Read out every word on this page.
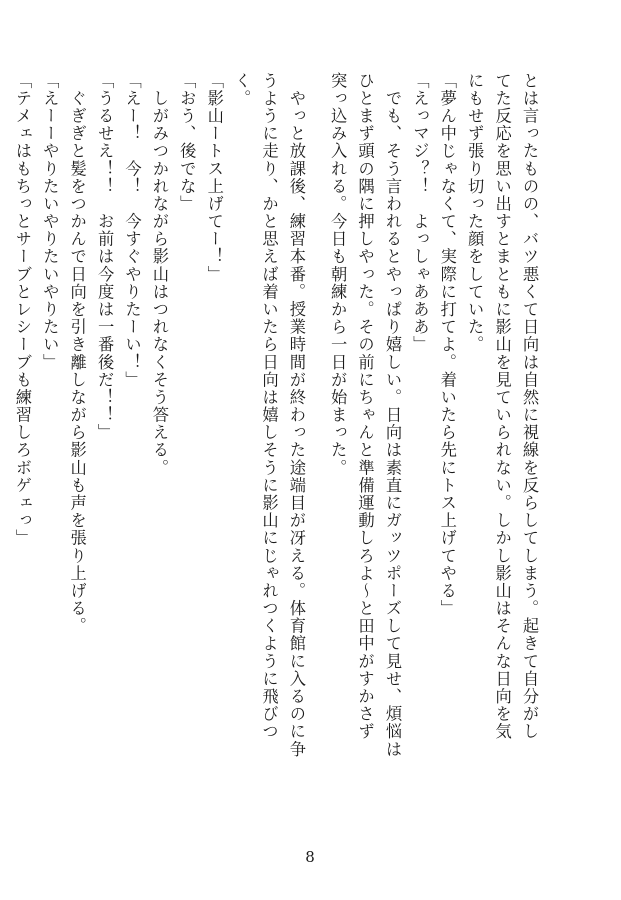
とは言ったものの、バツ悪くて日向は自然に視線を反らしてしまう。起きて自分がし
てた反応を思い出すとまともに影山を見ていられない。しかし影山はそんな日向を気
にもせず張り切った顔をしていた。
「夢ん中じゃなくて、実際に打てよ。着いたら先にトス上げてやる」
「えっマジ？！　よっしゃあああ」
　でも、そう言われるとやっぱり嬉しい。日向は素直にガッツポーズして見せ、煩悩は
ひとまず頭の隅に押しやった。その前にちゃんと準備運動しろよ〜と田中がすかさず
突っ込み入れる。今日も朝練から一日が始まった。
　やっと放課後、練習本番。授業時間が終わった途端目が冴える。体育館に入るのに争
うように走り、かと思えば着いたら日向は嬉しそうに影山にじゃれつくように飛びつ
く。
「影山ートス上げてー！」
「おう、後でな」
　しがみつかれながら影山はつれなくそう答える。
「えー！　今！　今すぐやりたーい！」
「うるせえ！！　お前は今度は一番後だ！！」
　ぐぎぎと髪をつかんで日向を引き離しながら影山も声を張り上げる。
「えーーやりたいやりたいやりたい」
「テメェはもちっとサーブとレシーブも練習しろボゲェっ」
8
